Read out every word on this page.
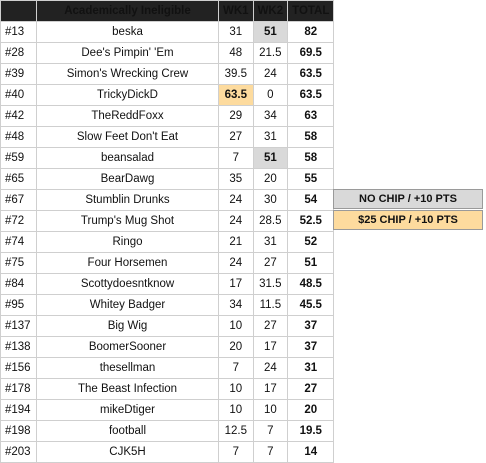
	Academically Ineligible	WK1	WK2	TOTAL
#13	beska	31	51	82
#28	Dee's Pimpin' 'Em	48	21.5	69.5
#39	Simon's Wrecking Crew	39.5	24	63.5
#40	TrickyDickD	63.5	0	63.5
#42	TheReddFoxx	29	34	63
#48	Slow Feet Don't Eat	27	31	58
#59	beansalad	7	51	58
#65	BearDawg	35	20	55
#67	Stumblin Drunks	24	30	54
#72	Trump's Mug Shot	24	28.5	52.5
#74	Ringo	21	31	52
#75	Four Horsemen	24	27	51
#84	Scottydoesntknow	17	31.5	48.5
#95	Whitey Badger	34	11.5	45.5
#137	Big Wig	10	27	37
#138	BoomerSooner	20	17	37
#156	thesellman	7	24	31
#178	The Beast Infection	10	17	27
#194	mikeDtiger	10	10	20
#198	football	12.5	7	19.5
#203	CJK5H	7	7	14
NO CHIP / +10 PTS
$25 CHIP / +10 PTS
